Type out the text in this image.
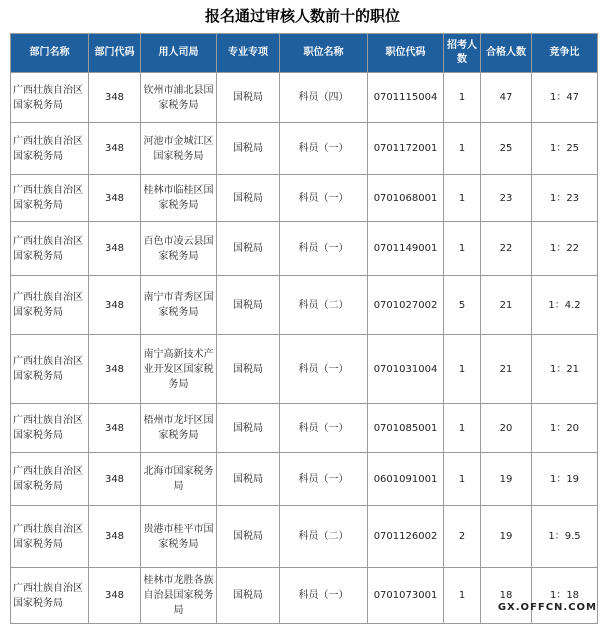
报名通过审核人数前十的职位
部门名称	部门代码	用人司局	专业专项	职位名称	职位代码	招考人数	合格人数	竞争比
广西壮族自治区国家税务局	348	钦州市浦北县国家税务局	国税局	科员（四）	0701115004	1	47	1：47
广西壮族自治区国家税务局	348	河池市金城江区国家税务局	国税局	科员（一）	0701172001	1	25	1：25
广西壮族自治区国家税务局	348	桂林市临桂区国家税务局	国税局	科员（一）	0701068001	1	23	1：23
广西壮族自治区国家税务局	348	百色市凌云县国家税务局	国税局	科员（一）	0701149001	1	22	1：22
广西壮族自治区国家税务局	348	南宁市青秀区国家税务局	国税局	科员（二）	0701027002	5	21	1：4.2
广西壮族自治区国家税务局	348	南宁高新技术产业开发区国家税务局	国税局	科员（一）	0701031004	1	21	1：21
广西壮族自治区国家税务局	348	梧州市龙圩区国家税务局	国税局	科员（一）	0701085001	1	20	1：20
广西壮族自治区国家税务局	348	北海市国家税务局	国税局	科员（一）	0601091001	1	19	1：19
广西壮族自治区国家税务局	348	贵港市桂平市国家税务局	国税局	科员（二）	0701126002	2	19	1：9.5
广西壮族自治区国家税务局	348	桂林市龙胜各族自治县国家税务局	国税局	科员（一）	0701073001	1	18	1：18
GX.OFFCN.COM
